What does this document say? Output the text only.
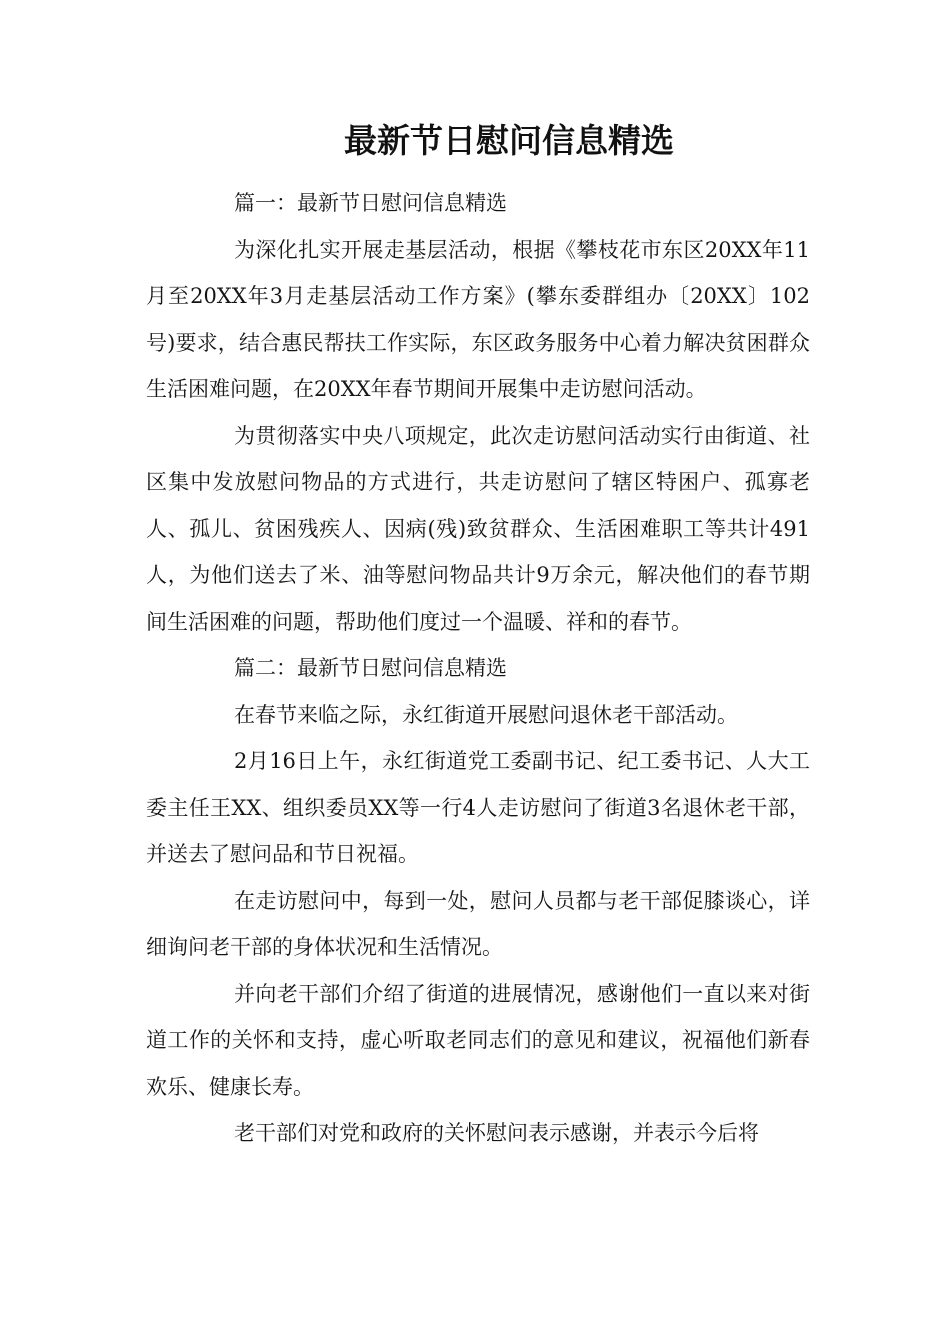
最新节日慰问信息精选

篇一：最新节日慰问信息精选

为深化扎实开展走基层活动，根据《攀枝花市东区20XX年11月至20XX年3月走基层活动工作方案》(攀东委群组办〔20XX〕102号)要求，结合惠民帮扶工作实际，东区政务服务中心着力解决贫困群众生活困难问题，在20XX年春节期间开展集中走访慰问活动。

为贯彻落实中央八项规定，此次走访慰问活动实行由街道、社区集中发放慰问物品的方式进行，共走访慰问了辖区特困户、孤寡老人、孤儿、贫困残疾人、因病(残)致贫群众、生活困难职工等共计491人，为他们送去了米、油等慰问物品共计9万余元，解决他们的春节期间生活困难的问题，帮助他们度过一个温暖、祥和的春节。

篇二：最新节日慰问信息精选

在春节来临之际，永红街道开展慰问退休老干部活动。

2月16日上午，永红街道党工委副书记、纪工委书记、人大工委主任王XX、组织委员XX等一行4人走访慰问了街道3名退休老干部，并送去了慰问品和节日祝福。

在走访慰问中，每到一处，慰问人员都与老干部促膝谈心，详细询问老干部的身体状况和生活情况。

并向老干部们介绍了街道的进展情况，感谢他们一直以来对街道工作的关怀和支持，虚心听取老同志们的意见和建议，祝福他们新春欢乐、健康长寿。

老干部们对党和政府的关怀慰问表示感谢，并表示今后将
